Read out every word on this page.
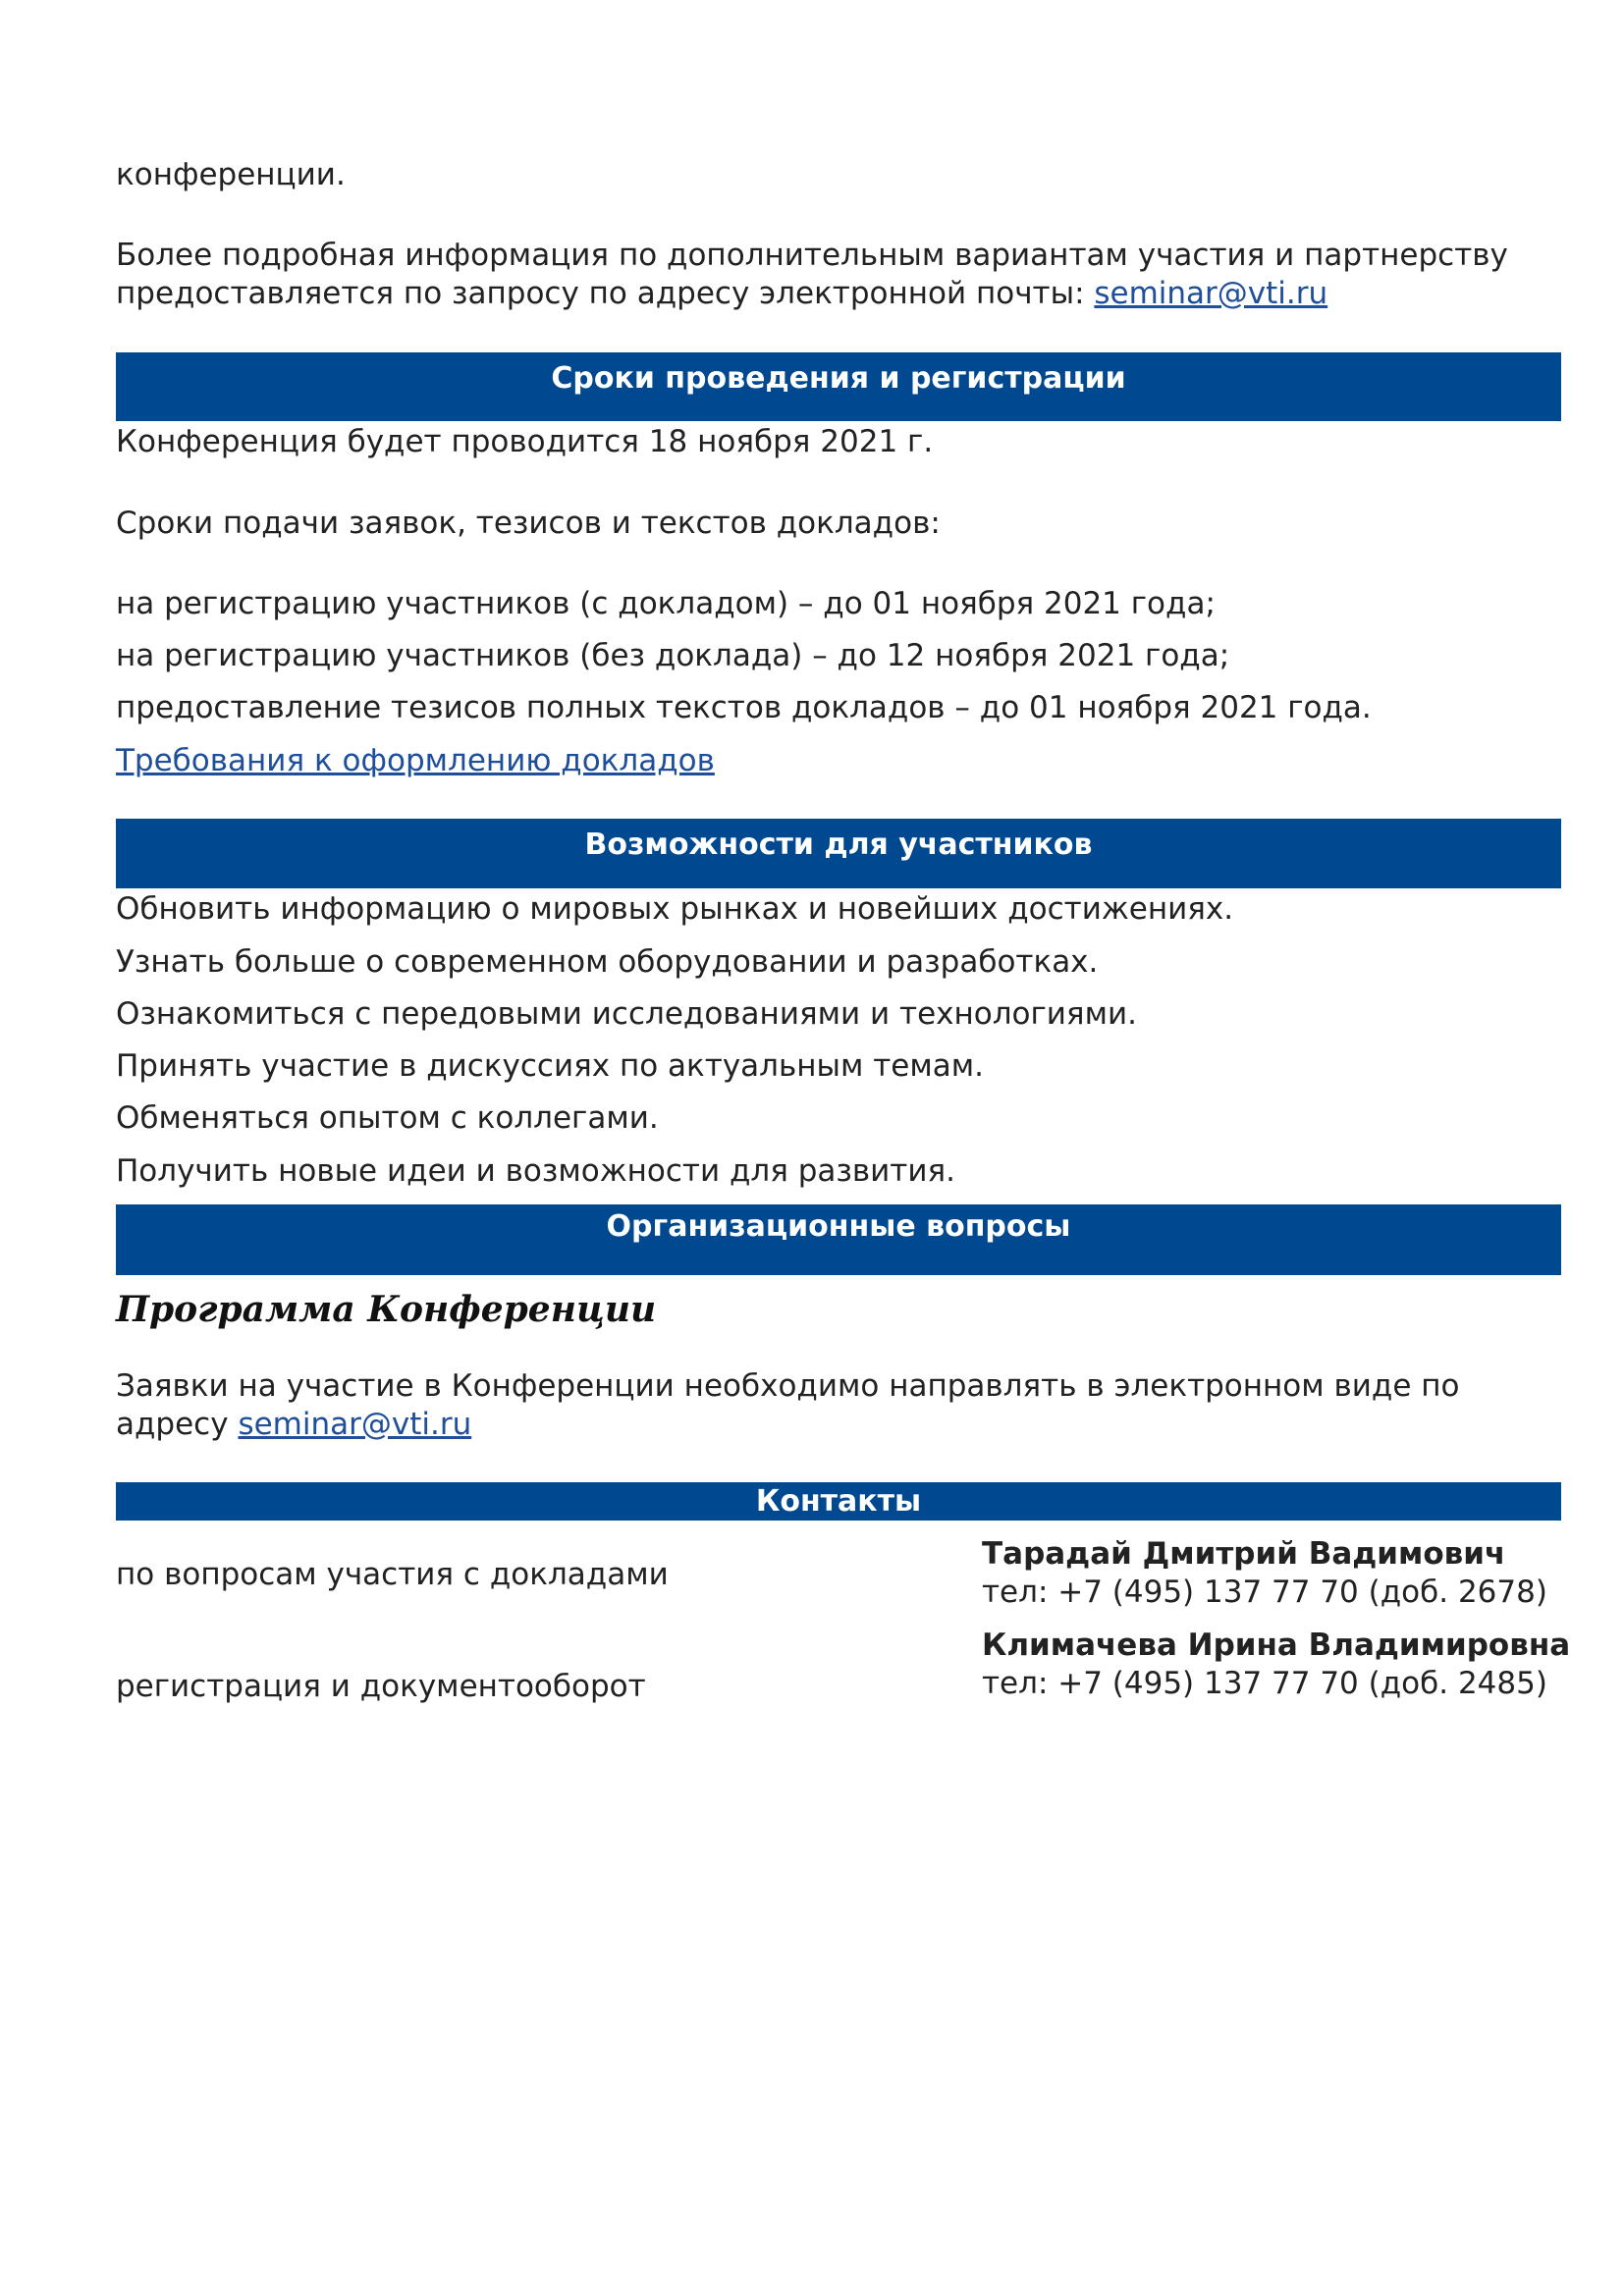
конференции.

Более подробная информация по дополнительным вариантам участия и партнерству

предоставляется по запросу по адресу электронной почты: seminar@vti.ru

Сроки проведения и регистрации

Конференция будет проводится 18 ноября 2021 г.

Сроки подачи заявок, тезисов и текстов докладов:

на регистрацию участников (с докладом) – до 01 ноября 2021 года;

на регистрацию участников (без доклада) – до 12 ноября 2021 года;

предоставление тезисов полных текстов докладов – до 01 ноября 2021 года.

Требования к оформлению докладов

Возможности для участников

Обновить информацию о мировых рынках и новейших достижениях.

Узнать больше о современном оборудовании и разработках.

Ознакомиться с передовыми исследованиями и технологиями.

Принять участие в дискуссиях по актуальным темам.

Обменяться опытом с коллегами.

Получить новые идеи и возможности для развития.

Организационные вопросы

Программа Конференции

Заявки на участие в Конференции необходимо направлять в электронном виде по

адресу seminar@vti.ru

Контакты

по вопросам участия с докладами

Тарадай Дмитрий Вадимович

тел: +7 (495) 137 77 70 (доб. 2678)

регистрация и документооборот

Климачева Ирина Владимировна

тел: +7 (495) 137 77 70 (доб. 2485)
